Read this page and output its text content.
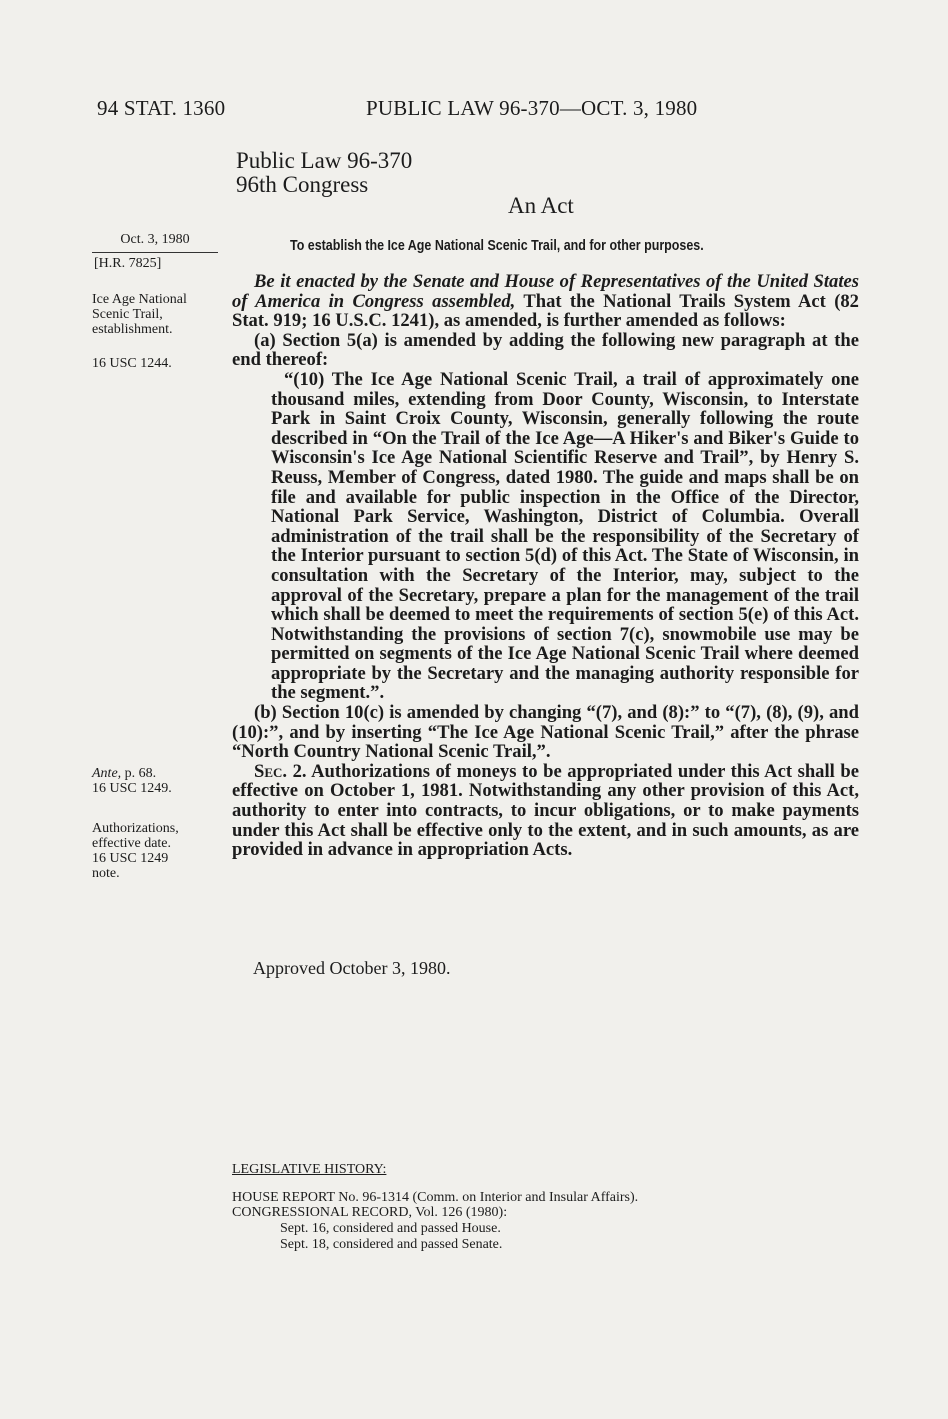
94 STAT. 1360	PUBLIC LAW 96-370—OCT. 3, 1980
Public Law 96-370
96th Congress
An Act
Oct. 3, 1980
[H.R. 7825]
To establish the Ice Age National Scenic Trail, and for other purposes.
Ice Age National
Scenic Trail,
establishment.
16 USC 1244.
Ante, p. 68.
16 USC 1249.
Authorizations,
effective date.
16 USC 1249
note.

Be it enacted by the Senate and House of Representatives of the United States of America in Congress assembled, That the National Trails System Act (82 Stat. 919; 16 U.S.C. 1241), as amended, is further amended as follows:

(a) Section 5(a) is amended by adding the following new paragraph at the end thereof:

“(10) The Ice Age National Scenic Trail, a trail of approximately one thousand miles, extending from Door County, Wisconsin, to Interstate Park in Saint Croix County, Wisconsin, generally following the route described in “On the Trail of the Ice Age—A Hiker's and Biker's Guide to Wisconsin's Ice Age National Scientific Reserve and Trail”, by Henry S. Reuss, Member of Congress, dated 1980. The guide and maps shall be on file and available for public inspection in the Office of the Director, National Park Service, Washington, District of Columbia. Overall administration of the trail shall be the responsibility of the Secretary of the Interior pursuant to section 5(d) of this Act. The State of Wisconsin, in consultation with the Secretary of the Interior, may, subject to the approval of the Secretary, prepare a plan for the management of the trail which shall be deemed to meet the requirements of section 5(e) of this Act. Notwithstanding the provisions of section 7(c), snowmobile use may be permitted on segments of the Ice Age National Scenic Trail where deemed appropriate by the Secretary and the managing authority responsible for the segment.”.

(b) Section 10(c) is amended by changing “(7), and (8):” to “(7), (8), (9), and (10):”, and by inserting “The Ice Age National Scenic Trail,” after the phrase “North Country National Scenic Trail,”.

Sec. 2. Authorizations of moneys to be appropriated under this Act shall be effective on October 1, 1981. Notwithstanding any other provision of this Act, authority to enter into contracts, to incur obligations, or to make payments under this Act shall be effective only to the extent, and in such amounts, as are provided in advance in appropriation Acts.

Approved October 3, 1980.
LEGISLATIVE HISTORY:
HOUSE REPORT No. 96-1314 (Comm. on Interior and Insular Affairs).
CONGRESSIONAL RECORD, Vol. 126 (1980):
Sept. 16, considered and passed House.
Sept. 18, considered and passed Senate.
